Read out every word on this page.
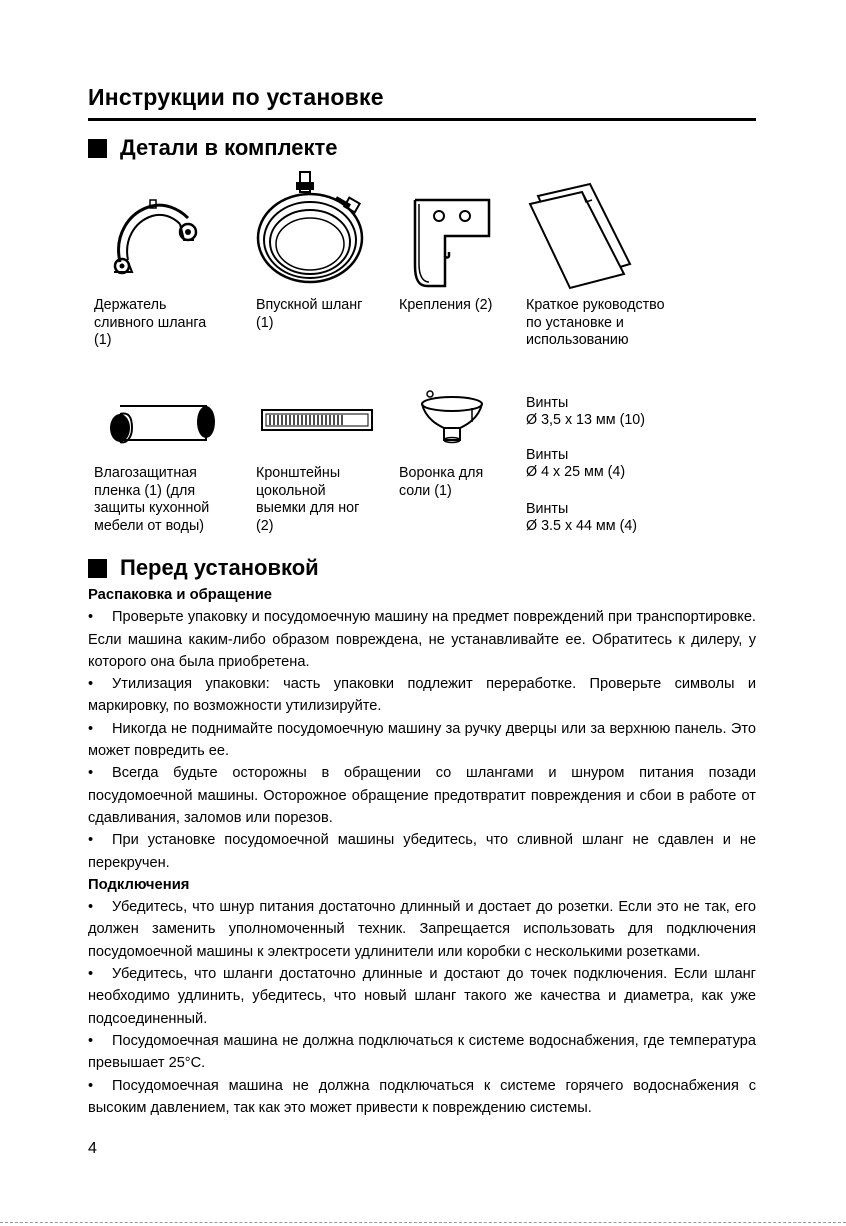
Инструкции по установке
Детали в комплекте
Держатель
сливного шланга
(1)
Впускной шланг
(1)
Крепления (2) Краткое руководство
по установке и
использованию
Винты
Ø 3,5 x 13 мм (10)
Винты
Ø 4 x 25 мм (4)
Винты
Ø 3.5 x 44 мм (4)
Влагозащитная
пленка (1) (для
защиты кухонной
мебели от воды)
Кронштейны
цокольной
выемки для ног
(2)
Воронка для
соли (1)
Перед установкой

Распаковка и обращение

• Проверьте упаковку и посудомоечную машину на предмет повреждений при транспортировке. Если машина каким-либо образом повреждена, не устанавливайте ее. Обратитесь к дилеру, у которого она была приобретена.

• Утилизация упаковки: часть упаковки подлежит переработке. Проверьте символы и маркировку, по возможности утилизируйте.

• Никогда не поднимайте посудомоечную машину за ручку дверцы или за верхнюю панель. Это может повредить ее.

• Всегда будьте осторожны в обращении со шлангами и шнуром питания позади посудомоечной машины. Осторожное обращение предотвратит повреждения и сбои в работе от сдавливания, заломов или порезов.

• При установке посудомоечной машины убедитесь, что сливной шланг не сдавлен и не перекручен.

Подключения

• Убедитесь, что шнур питания достаточно длинный и достает до розетки. Если это не так, его должен заменить уполномоченный техник. Запрещается использовать для подключения посудомоечной машины к электросети удлинители или коробки с несколькими розетками.

• Убедитесь, что шланги достаточно длинные и достают до точек подключения. Если шланг необходимо удлинить, убедитесь, что новый шланг такого же качества и диаметра, как уже подсоединенный.

• Посудомоечная машина не должна подключаться к системе водоснабжения, где температура превышает 25°C.

• Посудомоечная машина не должна подключаться к системе горячего водоснабжения с высоким давлением, так как это может привести к повреждению системы.

4
